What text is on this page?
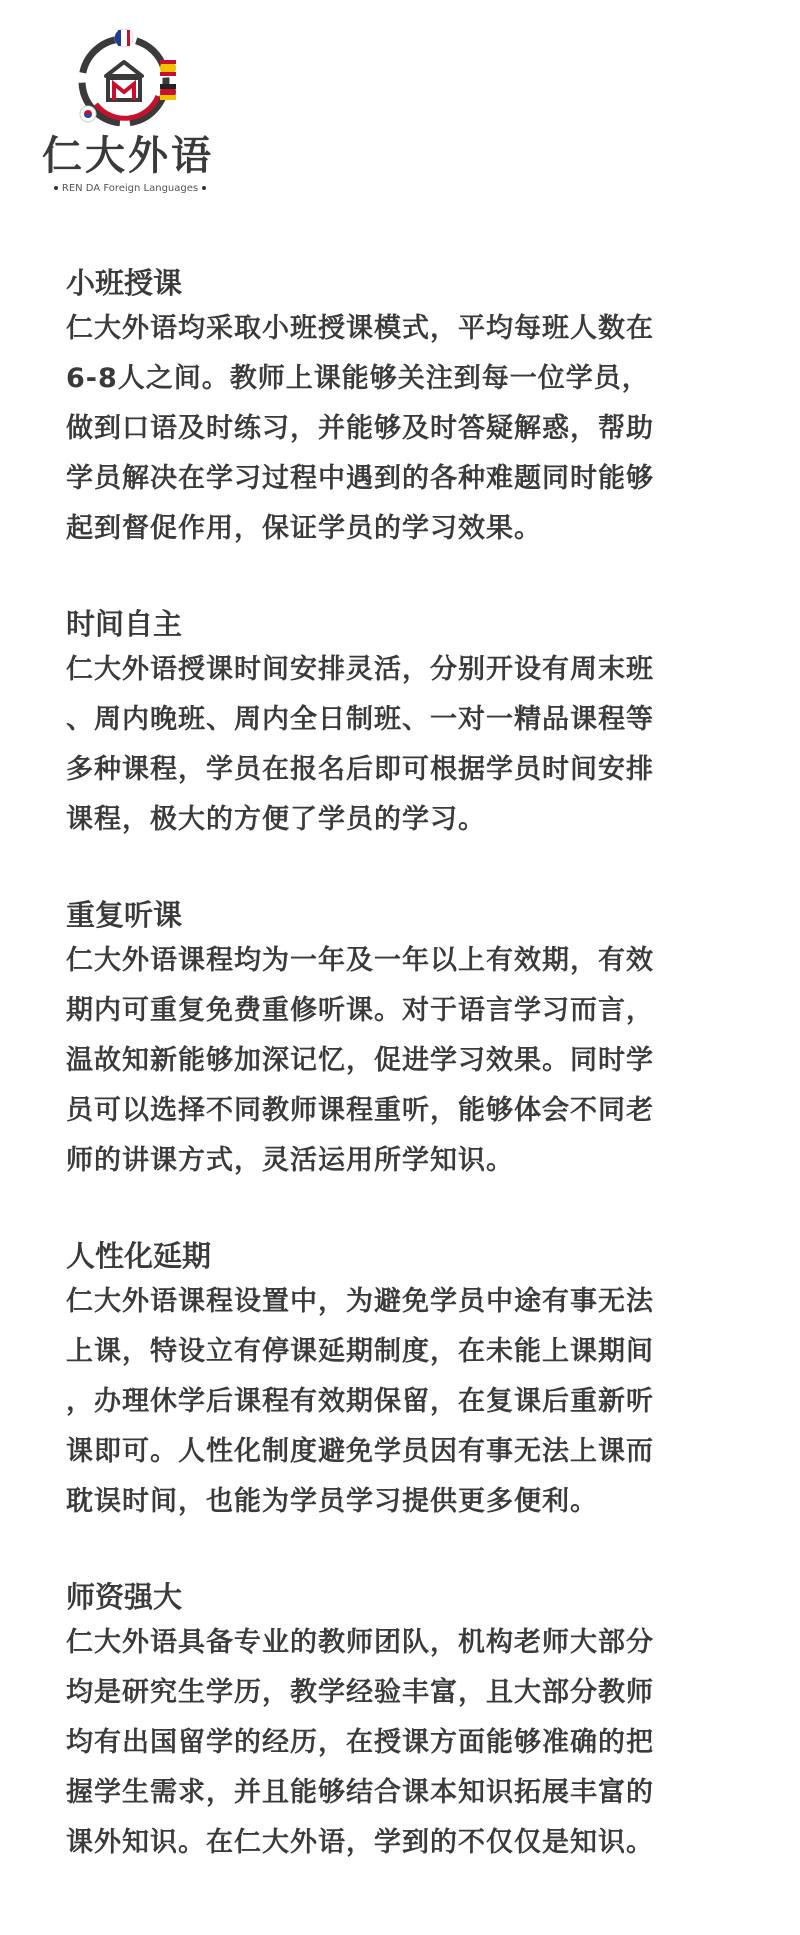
仁大外语
REN DA Foreign Languages
小班授课

仁大外语均采取小班授课模式，平均每班人数在
6-8人之间。教师上课能够关注到每一位学员，
做到口语及时练习，并能够及时答疑解惑，帮助
学员解决在学习过程中遇到的各种难题同时能够
起到督促作用，保证学员的学习效果。

时间自主

仁大外语授课时间安排灵活，分别开设有周末班
、周内晚班、周内全日制班、一对一精品课程等
多种课程，学员在报名后即可根据学员时间安排
课程，极大的方便了学员的学习。

重复听课

仁大外语课程均为一年及一年以上有效期，有效
期内可重复免费重修听课。对于语言学习而言，
温故知新能够加深记忆，促进学习效果。同时学
员可以选择不同教师课程重听，能够体会不同老
师的讲课方式，灵活运用所学知识。

人性化延期

仁大外语课程设置中，为避免学员中途有事无法
上课，特设立有停课延期制度，在未能上课期间
，办理休学后课程有效期保留，在复课后重新听
课即可。人性化制度避免学员因有事无法上课而
耽误时间，也能为学员学习提供更多便利。

师资强大

仁大外语具备专业的教师团队，机构老师大部分
均是研究生学历，教学经验丰富，且大部分教师
均有出国留学的经历，在授课方面能够准确的把
握学生需求，并且能够结合课本知识拓展丰富的
课外知识。在仁大外语，学到的不仅仅是知识。
